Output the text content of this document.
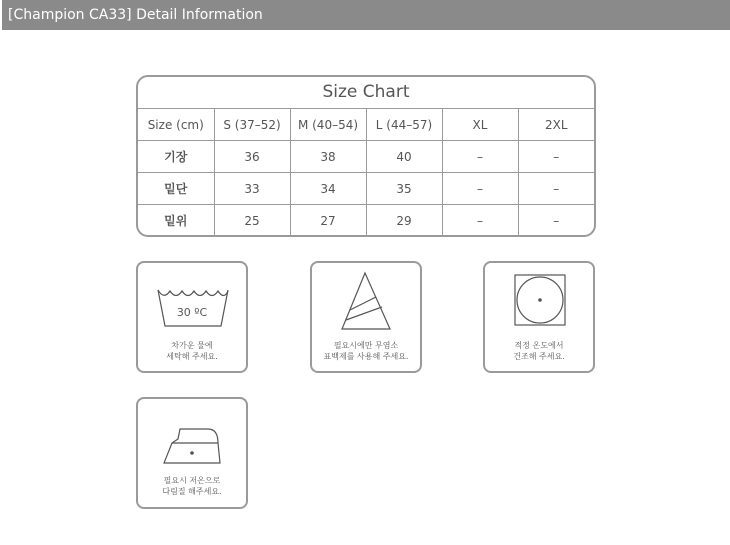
[Champion CA33] Detail Information
Size Chart
Size (cm)	S (37–52)	M (40–54)	L (44–57)	XL	2XL
기장	36	38	40	–	–
밑단	33	34	35	–	–
밑위	25	27	29	–	–
30 ºC
차가운 물에
세탁해 주세요.
필요시에만 무염소
표백제를 사용해 주세요.
적정 온도에서
건조해 주세요.
필요시 저온으로
다림질 해주세요.
